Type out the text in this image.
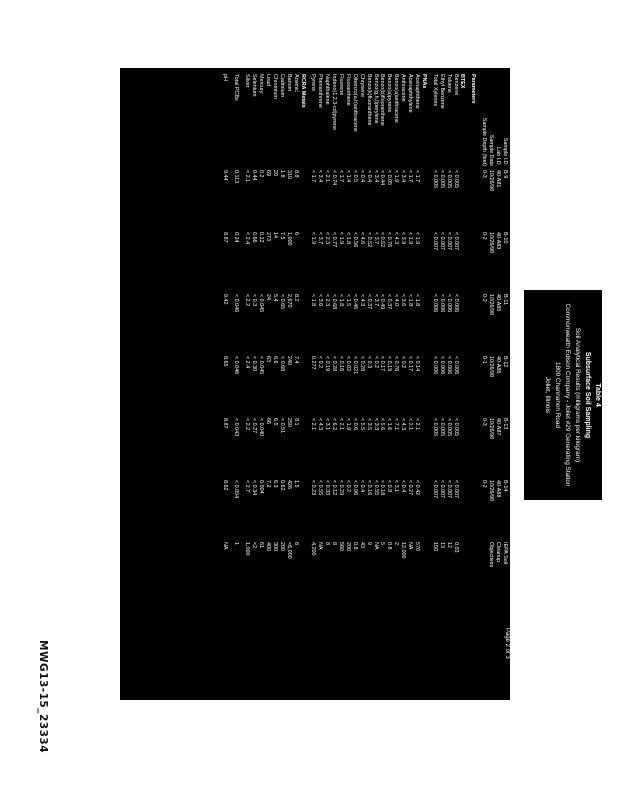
Table 4
Subsurface Soil Sampling
Soil Analytical Results (milligrams per kilogram)
Commonwealth Edison Company - Joliet #29 Generating Station
1800 Channahon Road
Joliet, Illinois
Sample I.D.	B-9	B-10	B-11	B-12	B-13	B-14	IEPA Soil
Lab I.D.	40-A81	40-A83	40-A85	40-A86	40-A87	40-A88	Cleanup
Sample Date	10/26/98	10/26/98	10/26/98	10/26/98	10/26/98	10/26/98	Objectives
Sample Depth (feet)	0-3	0-2	0-2	0-1	0-3	0-2	

Parameters							

BTEX							
Benzene	< 0.005	< 0.007	< 0.006	< 0.006	< 0.005	< 0.007	0.03
Toluene	< 0.005	< 0.007	< 0.006	< 0.006	< 0.005	< 0.007	12
Ethyl Benzene	< 0.005	< 0.007	< 0.006	< 0.006	< 0.005	< 0.007	13
Total Xylenes	< 0.005	< 0.007	< 0.006	< 0.006	< 0.005	< 0.007	150

PNAs							
Acenaphthene	< 1.7	< 1.9	< 1.8	< 0.14	< 2.1	< 0.42	570
Acenaphthylene	< 1.7	< 1.9	< 1.8	< 0.17	< 2.1	< 0.27	NA
Anthracene	< 3.4	< 3.9	< 3.6	< 0.2	< 4.3	< 0.4	12,000
Benzo(a)anthracene	< 1.9	< 4.3	< 4.0	< 0.76	< 7.1	< 3.1	2
Benzo(a)pyrene	< 0.05	< 0.76	< 0.37	< 0.19	< 1.6	< 0.8	0.8
Benzo(b)fluoranthene	< 0.44	< 0.52	< 0.49	< 0.17	< 5.6	< 0.18	5
Benzo(g,h,i)perylene	< 3.4	< 3.7	< 3.7	< 0.2	< 3.3	< 0.55	NA
Benzo(k)fluoranthene	< 0.4	< 0.52	< 0.37	< 0.3	< 3.5	< 0.16	9
Chrysene	< 0.4	< 4.6	< 4.3	< 0.28	< 5.5	< 0.4	43
Dibenzo(a,h)anthracene	< 0.5	< 0.56	< 0.46	< 0.021	< 0.6	< 0.06	0.8
Fluoranthene	< 1.4	< 1.8	< 1.5	< 0.02	< 1.9	< 0.2	200
Fluorene	< 1.7	< 1.9	< 1.8	< 0.16	< 2.1	< 0.29	560
Indeno(1,2,3-cd)pyrene	< 0.74	< 0.77	< 0.68	< 0.28	< 6.2	< 0.12	8
Naphthalene	< 2.1	< 2.3	< 2.3	< 0.19	< 3.1	< 0.33	8
Phenanthrene	< 3.4	< 3.7	< 3.6	< 0.2	< 4.3	< 0.55	NA
Pyrene	< 1.7	< 1.9	< 1.8	0.277	< 2.1	< 0.23	4,200

RCRA Metals							
Arsenic	8.8	6	8.2	7.4	8.1	1.5	8
Barium	310	1,000	2,670	240	250	426	<6,000
Cadmium	1.8	7.5	< 0.65	< 0.68	< 0.51	0.62	200
Chromium	20	14	5.4	6.6	6.5	6.3	300
Lead	69	273	24	63	66	7.2	400
Mercury	0.2	0.12	< 0.045	< 0.045	< 0.040	0.004	61
Selenium	0.44	0.66	< 0.3	< 0.30	< 0.27	< 0.34	<2
Silver	< 2.1	< 2.4	< 2.2	< 2.4	< 2.2	< 2.7	1,000

Total PCBs	0.113	0.24	< 0.046	< 0.046	< 0.043	< 0.054	1

pH	9.44	8.87	9.42	8.65	8.87	8.62	NA
Page 2 of 3
MWG13-15_23334
